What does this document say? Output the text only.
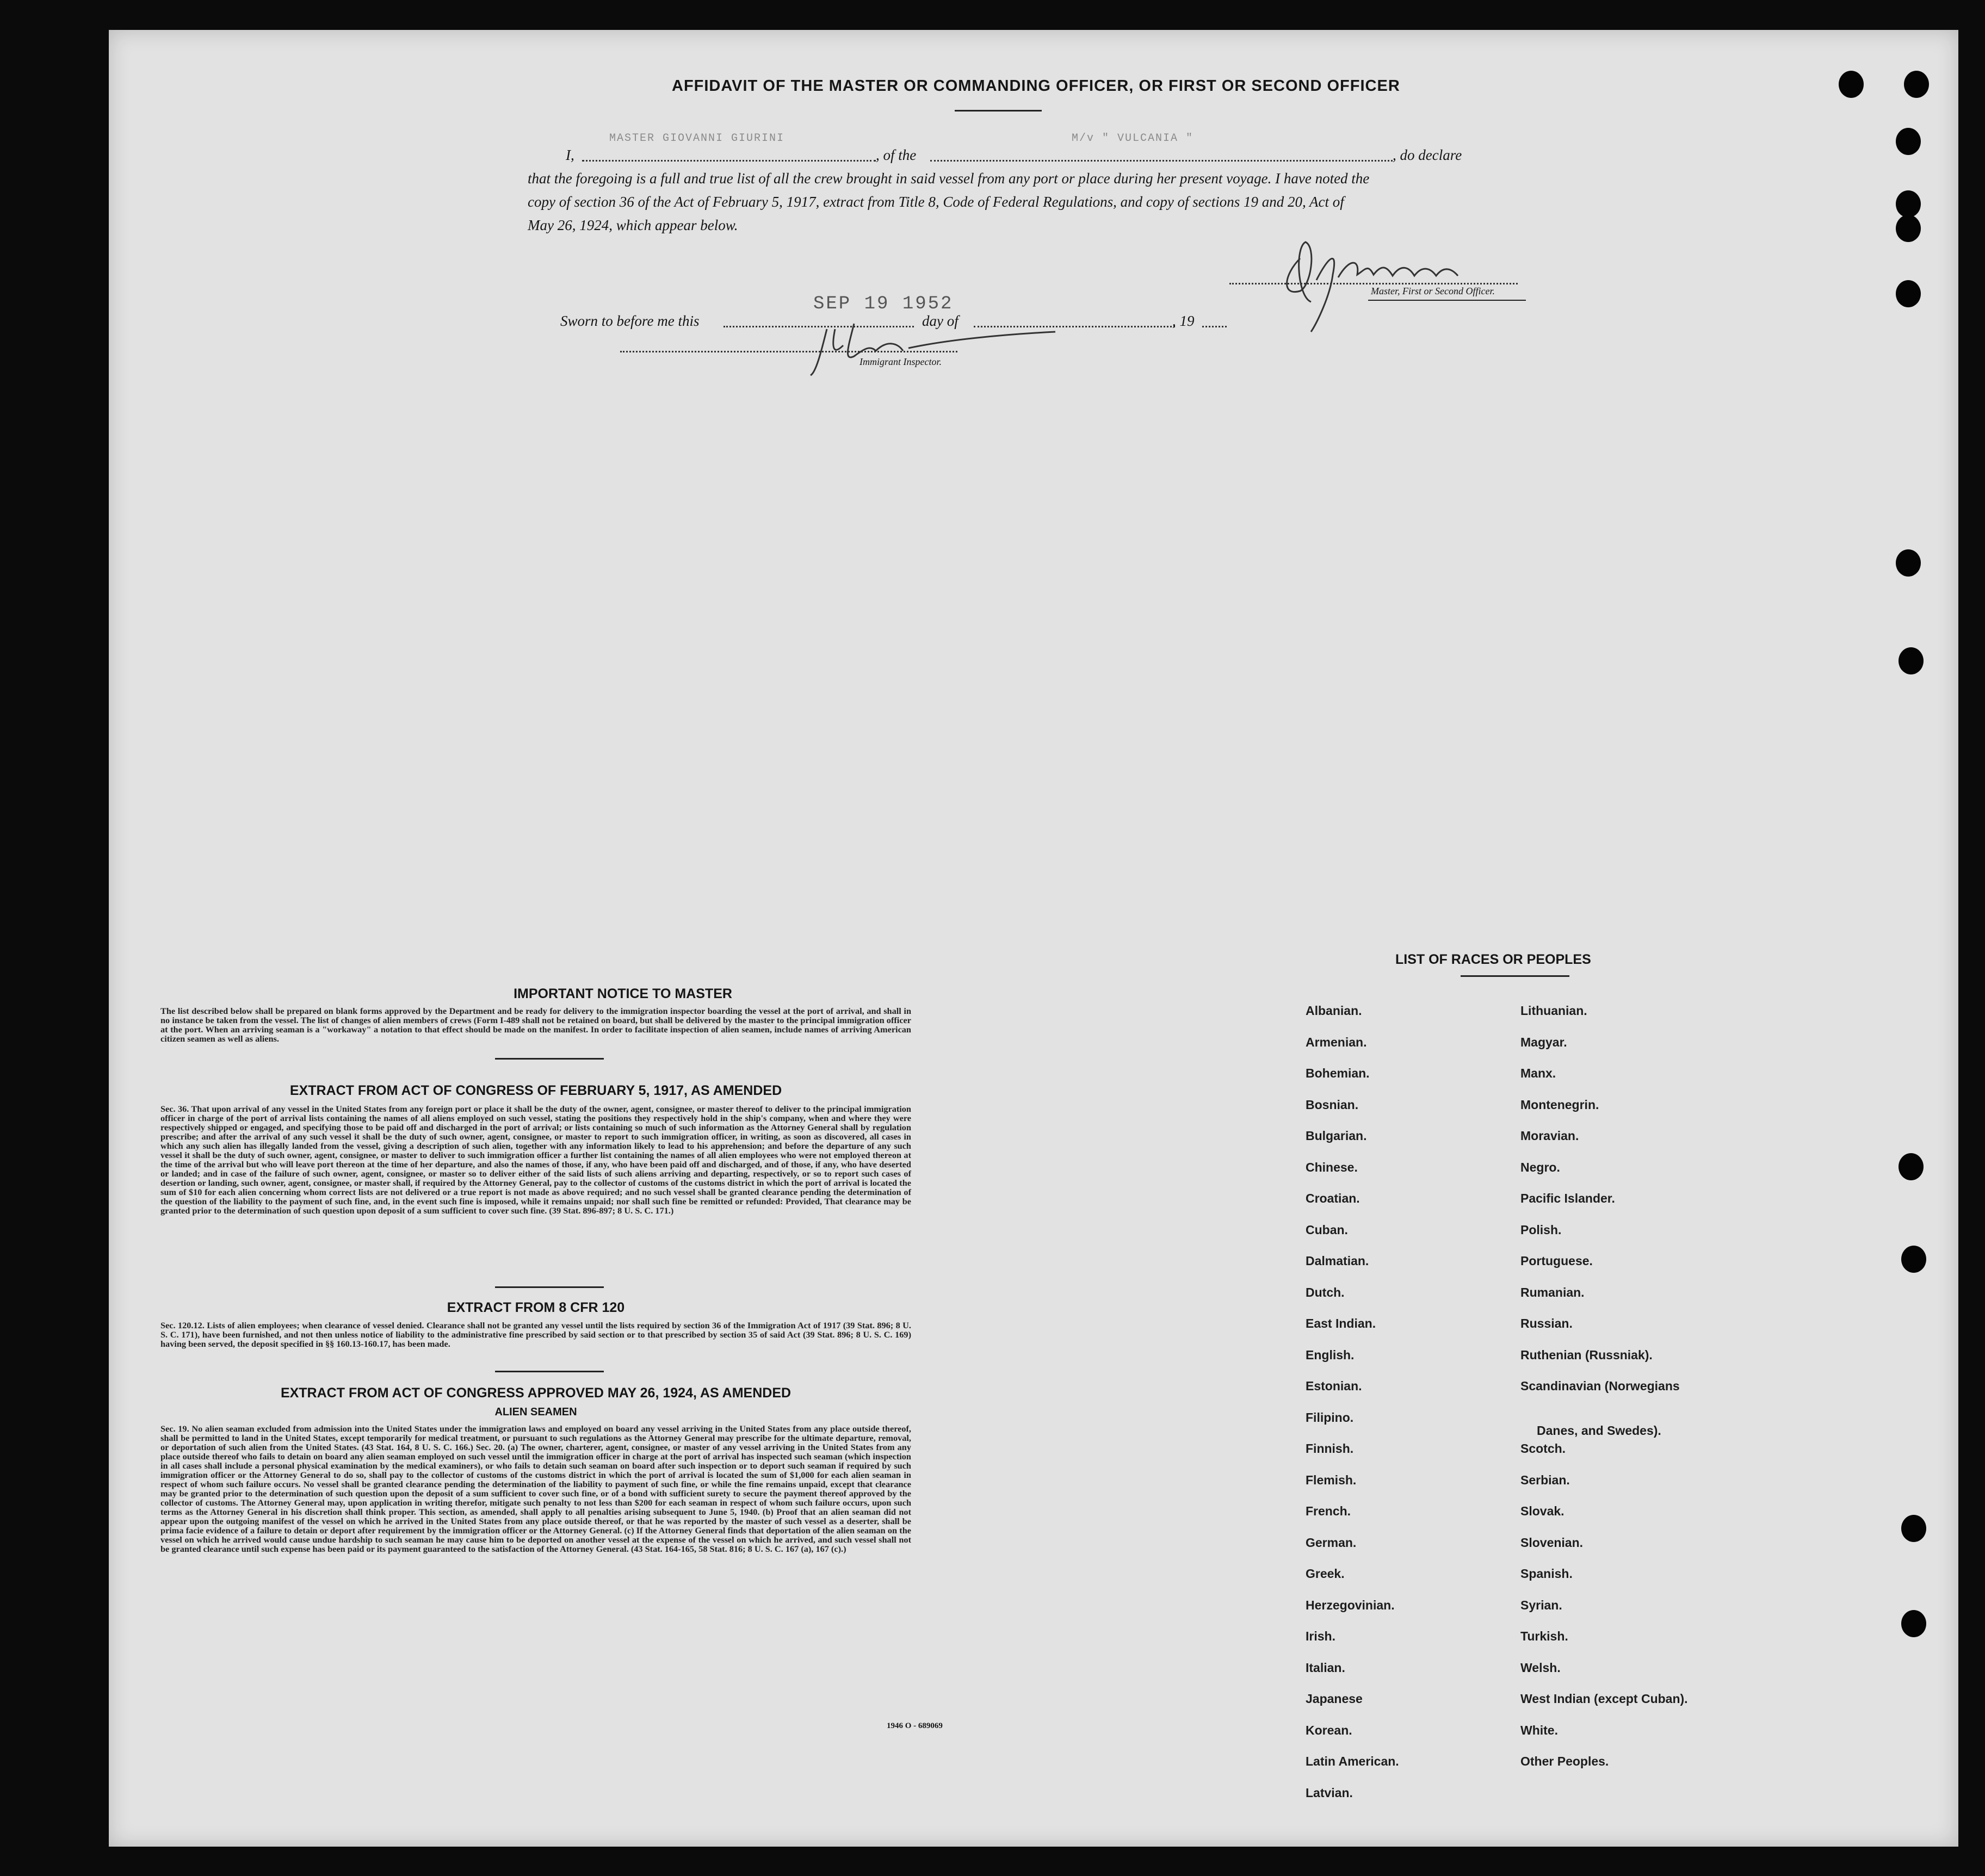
AFFIDAVIT OF THE MASTER OR COMMANDING OFFICER, OR FIRST OR SECOND OFFICER
I,
MASTER GIOVANNI GIURINI
, of the
M/v " VULCANIA "
, do declare
that the foregoing is a full and true list of all the crew brought in said vessel from any port or place during her present voyage. I have noted the
copy of section 36 of the Act of February 5, 1917, extract from Title 8, Code of Federal Regulations, and copy of sections 19 and 20, Act of
May 26, 1924, which appear below.
Master, First or Second Officer.
Sworn to before me this
SEP 19 1952
day of	, 19
Immigrant Inspector.
IMPORTANT NOTICE TO MASTER
The list described below shall be prepared on blank forms approved by the Department and be ready for delivery to the immigration inspector boarding the vessel at the port of arrival, and shall in no instance be taken from the vessel. The list of changes of alien members of crews (Form I-489 shall not be retained on board, but shall be delivered by the master to the principal immigration officer at the port. When an arriving seaman is a "workaway" a notation to that effect should be made on the manifest. In order to facilitate inspection of alien seamen, include names of arriving American citizen seamen as well as aliens.
EXTRACT FROM ACT OF CONGRESS OF FEBRUARY 5, 1917, AS AMENDED
Sec. 36. That upon arrival of any vessel in the United States from any foreign port or place it shall be the duty of the owner, agent, consignee, or master thereof to deliver to the principal immigration officer in charge of the port of arrival lists containing the names of all aliens employed on such vessel, stating the positions they respectively hold in the ship's company, when and where they were respectively shipped or engaged, and specifying those to be paid off and discharged in the port of arrival; or lists containing so much of such information as the Attorney General shall by regulation prescribe; and after the arrival of any such vessel it shall be the duty of such owner, agent, consignee, or master to report to such immigration officer, in writing, as soon as discovered, all cases in which any such alien has illegally landed from the vessel, giving a description of such alien, together with any information likely to lead to his apprehension; and before the departure of any such vessel it shall be the duty of such owner, agent, consignee, or master to deliver to such immigration officer a further list containing the names of all alien employees who were not employed thereon at the time of the arrival but who will leave port thereon at the time of her departure, and also the names of those, if any, who have been paid off and discharged, and of those, if any, who have deserted or landed; and in case of the failure of such owner, agent, consignee, or master so to deliver either of the said lists of such aliens arriving and departing, respectively, or so to report such cases of desertion or landing, such owner, agent, consignee, or master shall, if required by the Attorney General, pay to the collector of customs of the customs district in which the port of arrival is located the sum of $10 for each alien concerning whom correct lists are not delivered or a true report is not made as above required; and no such vessel shall be granted clearance pending the determination of the question of the liability to the payment of such fine, and, in the event such fine is imposed, while it remains unpaid; nor shall such fine be remitted or refunded: Provided, That clearance may be granted prior to the determination of such question upon deposit of a sum sufficient to cover such fine. (39 Stat. 896-897; 8 U. S. C. 171.)
EXTRACT FROM 8 CFR 120
Sec. 120.12. Lists of alien employees; when clearance of vessel denied. Clearance shall not be granted any vessel until the lists required by section 36 of the Immigration Act of 1917 (39 Stat. 896; 8 U. S. C. 171), have been furnished, and not then unless notice of liability to the administrative fine prescribed by said section or to that prescribed by section 35 of said Act (39 Stat. 896; 8 U. S. C. 169) having been served, the deposit specified in §§ 160.13-160.17, has been made.
EXTRACT FROM ACT OF CONGRESS APPROVED MAY 26, 1924, AS AMENDED
ALIEN SEAMEN
Sec. 19. No alien seaman excluded from admission into the United States under the immigration laws and employed on board any vessel arriving in the United States from any place outside thereof, shall be permitted to land in the United States, except temporarily for medical treatment, or pursuant to such regulations as the Attorney General may prescribe for the ultimate departure, removal, or deportation of such alien from the United States. (43 Stat. 164, 8 U. S. C. 166.) Sec. 20. (a) The owner, charterer, agent, consignee, or master of any vessel arriving in the United States from any place outside thereof who fails to detain on board any alien seaman employed on such vessel until the immigration officer in charge at the port of arrival has inspected such seaman (which inspection in all cases shall include a personal physical examination by the medical examiners), or who fails to detain such seaman on board after such inspection or to deport such seaman if required by such immigration officer or the Attorney General to do so, shall pay to the collector of customs of the customs district in which the port of arrival is located the sum of $1,000 for each alien seaman in respect of whom such failure occurs. No vessel shall be granted clearance pending the determination of the liability to payment of such fine, or while the fine remains unpaid, except that clearance may be granted prior to the determination of such question upon the deposit of a sum sufficient to cover such fine, or of a bond with sufficient surety to secure the payment thereof approved by the collector of customs. The Attorney General may, upon application in writing therefor, mitigate such penalty to not less than $200 for each seaman in respect of whom such failure occurs, upon such terms as the Attorney General in his discretion shall think proper. This section, as amended, shall apply to all penalties arising subsequent to June 5, 1940. (b) Proof that an alien seaman did not appear upon the outgoing manifest of the vessel on which he arrived in the United States from any place outside thereof, or that he was reported by the master of such vessel as a deserter, shall be prima facie evidence of a failure to detain or deport after requirement by the immigration officer or the Attorney General. (c) If the Attorney General finds that deportation of the alien seaman on the vessel on which he arrived would cause undue hardship to such seaman he may cause him to be deported on another vessel at the expense of the vessel on which he arrived, and such vessel shall not be granted clearance until such expense has been paid or its payment guaranteed to the satisfaction of the Attorney General. (43 Stat. 164-165, 58 Stat. 816; 8 U. S. C. 167 (a), 167 (c).)
1946 O - 689069
LIST OF RACES OR PEOPLES
Albanian.
Armenian.
Bohemian.
Bosnian.
Bulgarian.
Chinese.
Croatian.
Cuban.
Dalmatian.
Dutch.
East Indian.
English.
Estonian.
Filipino.
Finnish.
Flemish.
French.
German.
Greek.
Herzegovinian.
Irish.
Italian.
Japanese
Korean.
Latin American.
Latvian.
Lithuanian.
Magyar.
Manx.
Montenegrin.
Moravian.
Negro.
Pacific Islander.
Polish.
Portuguese.
Rumanian.
Russian.
Ruthenian (Russniak).
Scandinavian (Norwegians
Danes, and Swedes).
Scotch.
Serbian.
Slovak.
Slovenian.
Spanish.
Syrian.
Turkish.
Welsh.
West Indian (except Cuban).
White.
Other Peoples.
